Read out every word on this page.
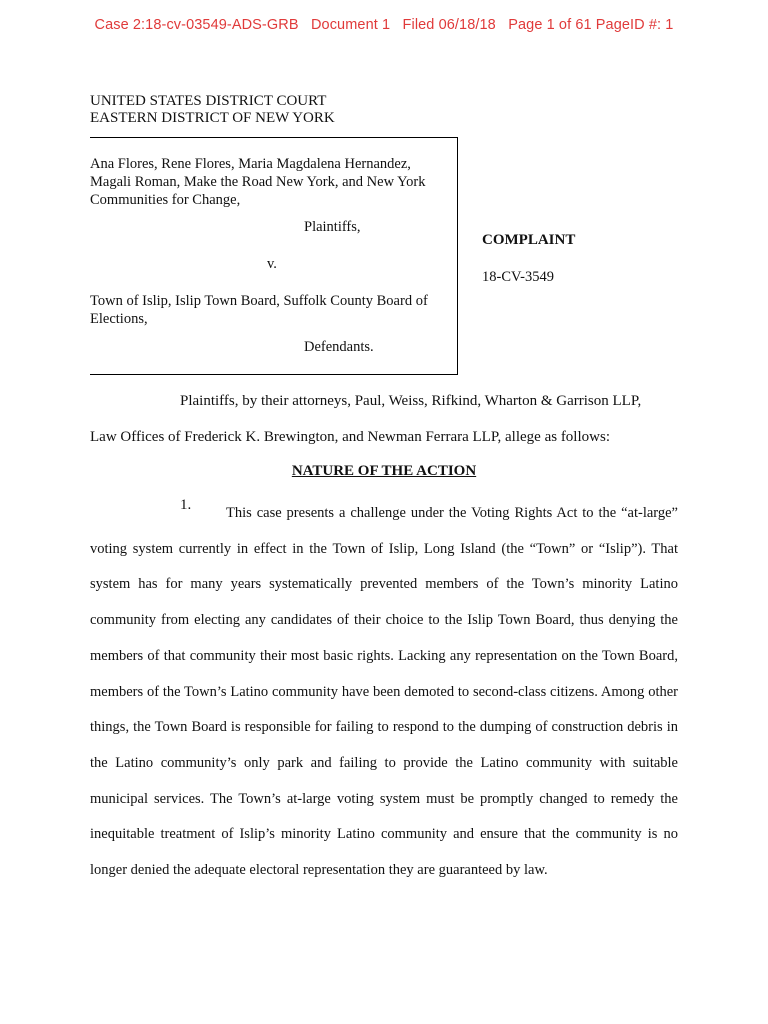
Case 2:18-cv-03549-ADS-GRB   Document 1   Filed 06/18/18   Page 1 of 61 PageID #: 1
UNITED STATES DISTRICT COURT
EASTERN DISTRICT OF NEW YORK
Ana Flores, Rene Flores, Maria Magdalena Hernandez, Magali Roman, Make the Road New York, and New York Communities for Change,
Plaintiffs,
v.
Town of Islip, Islip Town Board, Suffolk County Board of Elections,
Defendants.
COMPLAINT
18-CV-3549
Plaintiffs, by their attorneys, Paul, Weiss, Rifkind, Wharton & Garrison LLP,
Law Offices of Frederick K. Brewington, and Newman Ferrara LLP, allege as follows:
NATURE OF THE ACTION
1.	This case presents a challenge under the Voting Rights Act to the “at-large” voting system currently in effect in the Town of Islip, Long Island (the “Town” or “Islip”). That system has for many years systematically prevented members of the Town’s minority Latino community from electing any candidates of their choice to the Islip Town Board, thus denying the members of that community their most basic rights. Lacking any representation on the Town Board, members of the Town’s Latino community have been demoted to second-class citizens. Among other things, the Town Board is responsible for failing to respond to the dumping of construction debris in the Latino community’s only park and failing to provide the Latino community with suitable municipal services. The Town’s at-large voting system must be promptly changed to remedy the inequitable treatment of Islip’s minority Latino community and ensure that the community is no longer denied the adequate electoral representation they are guaranteed by law.
